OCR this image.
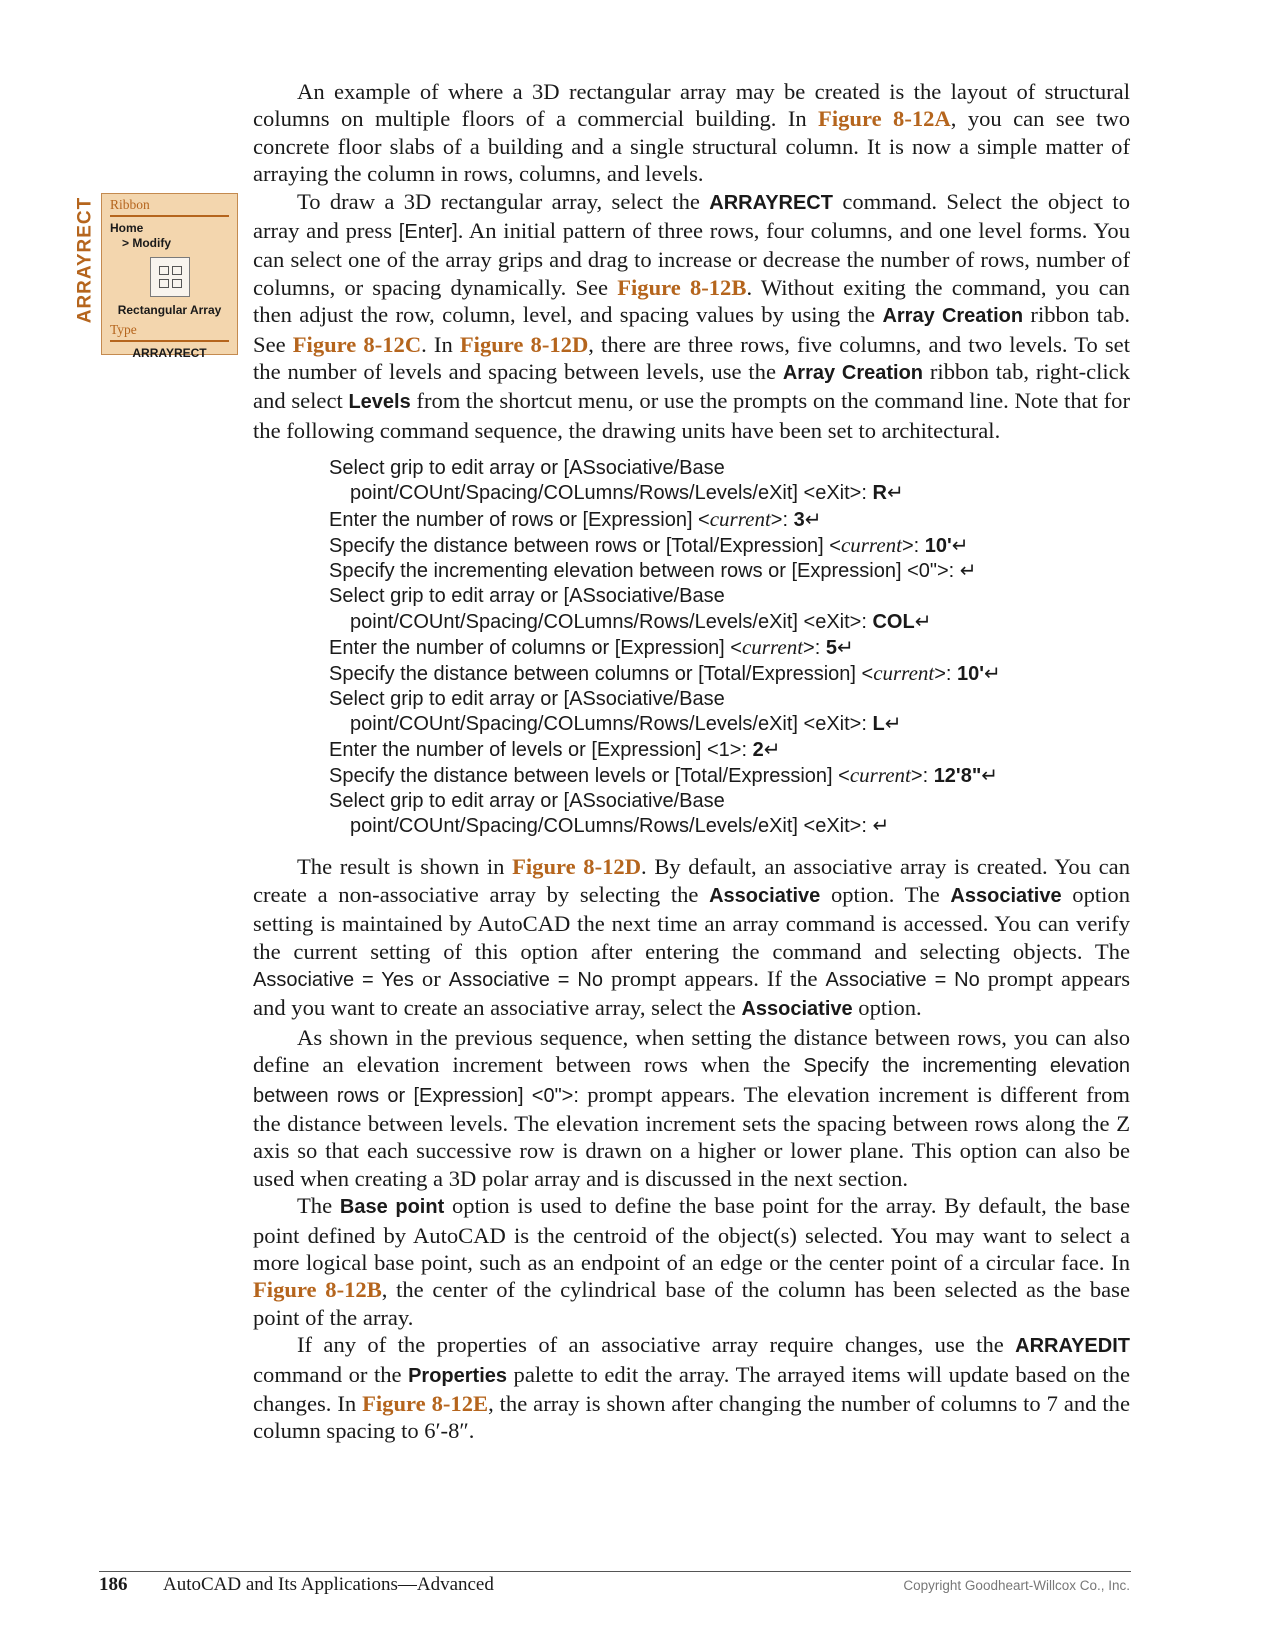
ARRAYRECT Ribbon
Home
> Modify
Rectangular Array
Type
ARRAYRECT

An example of where a 3D rectangular array may be created is the layout of structural columns on multiple floors of a commercial building. In Figure 8-12A, you can see two concrete floor slabs of a building and a single structural column. It is now a simple matter of arraying the column in rows, columns, and levels.

To draw a 3D rectangular array, select the ARRAYRECT command. Select the object to array and press [Enter]. An initial pattern of three rows, four columns, and one level forms. You can select one of the array grips and drag to increase or decrease the number of rows, number of columns, or spacing dynamically. See Figure 8-12B. Without exiting the command, you can then adjust the row, column, level, and spacing values by using the Array Creation ribbon tab. See Figure 8-12C. In Figure 8-12D, there are three rows, five columns, and two levels. To set the number of levels and spacing between levels, use the Array Creation ribbon tab, right-click and select Levels from the shortcut menu, or use the prompts on the command line. Note that for the following command sequence, the drawing units have been set to architectural.

Select grip to edit array or [ASsociative/Base point/COUnt/Spacing/COLumns/Rows/Levels/eXit] <eXit>: R↵
Enter the number of rows or [Expression] <current>: 3↵
Specify the distance between rows or [Total/Expression] <current>: 10'↵
Specify the incrementing elevation between rows or [Expression] <0">: ↵
Select grip to edit array or [ASsociative/Base point/COUnt/Spacing/COLumns/Rows/Levels/eXit] <eXit>: COL↵
Enter the number of columns or [Expression] <current>: 5↵
Specify the distance between columns or [Total/Expression] <current>: 10'↵
Select grip to edit array or [ASsociative/Base point/COUnt/Spacing/COLumns/Rows/Levels/eXit] <eXit>: L↵
Enter the number of levels or [Expression] <1>: 2↵
Specify the distance between levels or [Total/Expression] <current>: 12'8"↵
Select grip to edit array or [ASsociative/Base point/COUnt/Spacing/COLumns/Rows/Levels/eXit] <eXit>: ↵

The result is shown in Figure 8-12D. By default, an associative array is created. You can create a non-associative array by selecting the Associative option. The Associative option setting is maintained by AutoCAD the next time an array command is accessed. You can verify the current setting of this option after entering the command and selecting objects. The Associative = Yes or Associative = No prompt appears. If the Associative = No prompt appears and you want to create an associative array, select the Associative option.

As shown in the previous sequence, when setting the distance between rows, you can also define an elevation increment between rows when the Specify the incrementing elevation between rows or [Expression] <0">: prompt appears. The elevation increment is different from the distance between levels. The elevation increment sets the spacing between rows along the Z axis so that each successive row is drawn on a higher or lower plane. This option can also be used when creating a 3D polar array and is discussed in the next section.

The Base point option is used to define the base point for the array. By default, the base point defined by AutoCAD is the centroid of the object(s) selected. You may want to select a more logical base point, such as an endpoint of an edge or the center point of a circular face. In Figure 8-12B, the center of the cylindrical base of the column has been selected as the base point of the array.

If any of the properties of an associative array require changes, use the ARRAYEDIT command or the Properties palette to edit the array. The arrayed items will update based on the changes. In Figure 8-12E, the array is shown after changing the number of columns to 7 and the column spacing to 6′-8″.

186 AutoCAD and Its Applications—Advanced	Copyright Goodheart-Willcox Co., Inc.
